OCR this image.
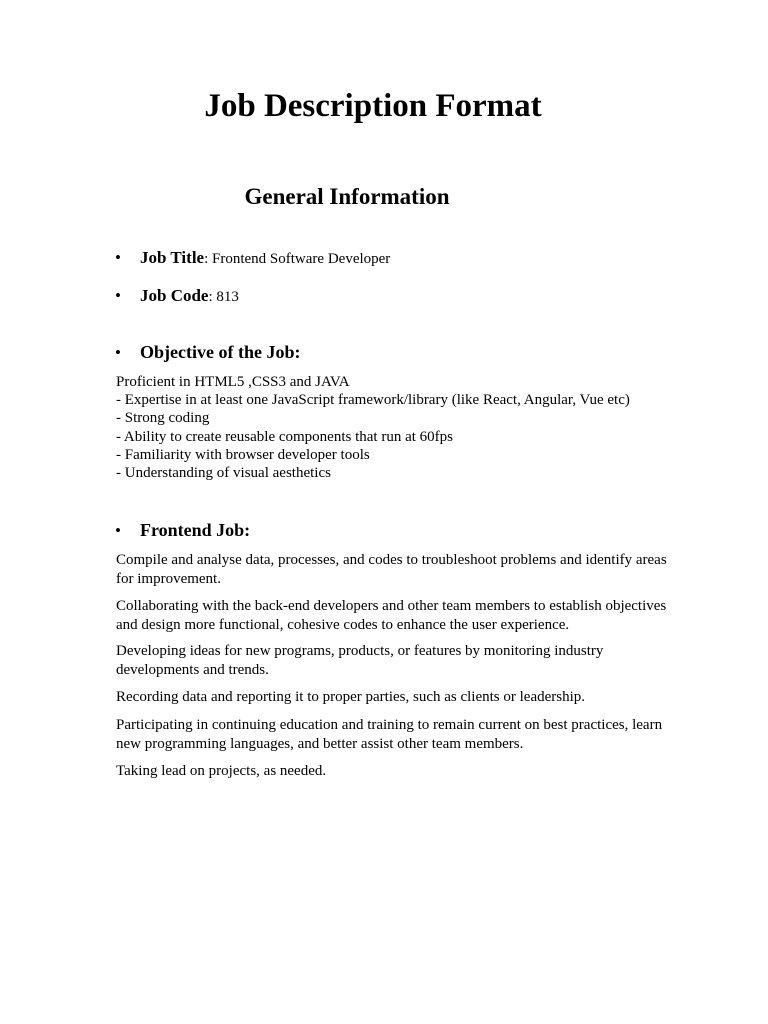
Job Description Format
General Information
• Job Title: Frontend Software Developer
• Job Code: 813
• Objective of the Job:
Proficient in HTML5 ,CSS3 and JAVA
- Expertise in at least one JavaScript framework/library (like React, Angular, Vue etc)
- Strong coding
- Ability to create reusable components that run at 60fps
- Familiarity with browser developer tools
- Understanding of visual aesthetics
• Frontend Job:
Compile and analyse data, processes, and codes to troubleshoot problems and identify areas for improvement.
Collaborating with the back-end developers and other team members to establish objectives and design more functional, cohesive codes to enhance the user experience.
Developing ideas for new programs, products, or features by monitoring industry developments and trends.
Recording data and reporting it to proper parties, such as clients or leadership.
Participating in continuing education and training to remain current on best practices, learn new programming languages, and better assist other team members.
Taking lead on projects, as needed.
